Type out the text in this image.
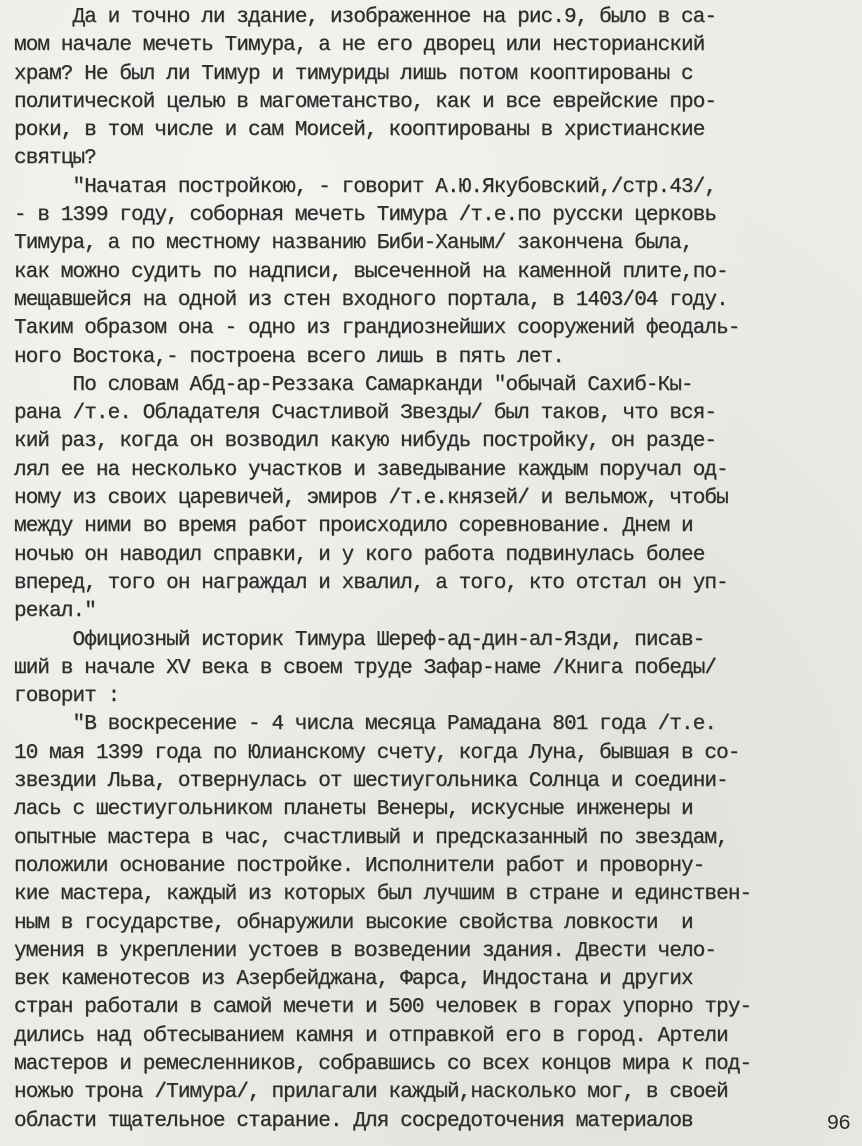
Да и точно ли здание, изображенное на рис.9, было в са-
мом начале мечеть Тимура, а не его дворец или несторианский
храм? Не был ли Тимур и тимуриды лишь потом кооптированы с
политической целью в магометанство, как и все еврейские про-
роки, в том числе и сам Моисей, кооптированы в христианские
святцы?
"Начатая постройкою, - говорит А.Ю.Якубовский,/стр.43/,
- в 1399 году, соборная мечеть Тимура /т.е.по русски церковь
Тимура, а по местному названию Биби-Ханым/ закончена была,
как можно судить по надписи, высеченной на каменной плите,по-
мещавшейся на одной из стен входного портала, в 1403/04 году.
Таким образом она - одно из грандиознейших сооружений феодаль-
ного Востока,- построена всего лишь в пять лет.
По словам Абд-ар-Реззака Самарканди "обычай Сахиб-Кы-
рана /т.е. Обладателя Счастливой Звезды/ был таков, что вся-
кий раз, когда он возводил какую нибудь постройку, он разде-
лял ее на несколько участков и заведывание каждым поручал од-
ному из своих царевичей, эмиров /т.е.князей/ и вельмож, чтобы
между ними во время работ происходило соревнование. Днем и
ночью он наводил справки, и у кого работа подвинулась более
вперед, того он награждал и хвалил, а того, кто отстал он уп-
рекал."
Официозный историк Тимура Шереф-ад-дин-ал-Язди, писав-
ший в начале XV века в своем труде Зафар-наме /Книга победы/
говорит :
"В воскресение - 4 числа месяца Рамадана 801 года /т.е.
10 мая 1399 года по Юлианскому счету, когда Луна, бывшая в со-
звездии Льва, отвернулась от шестиугольника Солнца и соедини-
лась с шестиугольником планеты Венеры, искусные инженеры и
опытные мастера в час, счастливый и предсказанный по звездам,
положили основание постройке. Исполнители работ и проворну-
кие мастера, каждый из которых был лучшим в стране и единствен-
ным в государстве, обнаружили высокие свойства ловкости  и
умения в укреплении устоев в возведении здания. Двести чело-
век каменотесов из Азербейджана, Фарса, Индостана и других
стран работали в самой мечети и 500 человек в горах упорно тру-
дились над обтесыванием камня и отправкой его в город. Артели
мастеров и ремесленников, собравшись со всех концов мира к под-
ножью трона /Тимура/, прилагали каждый,насколько мог, в своей
области тщательное старание. Для сосредоточения материалов	96
